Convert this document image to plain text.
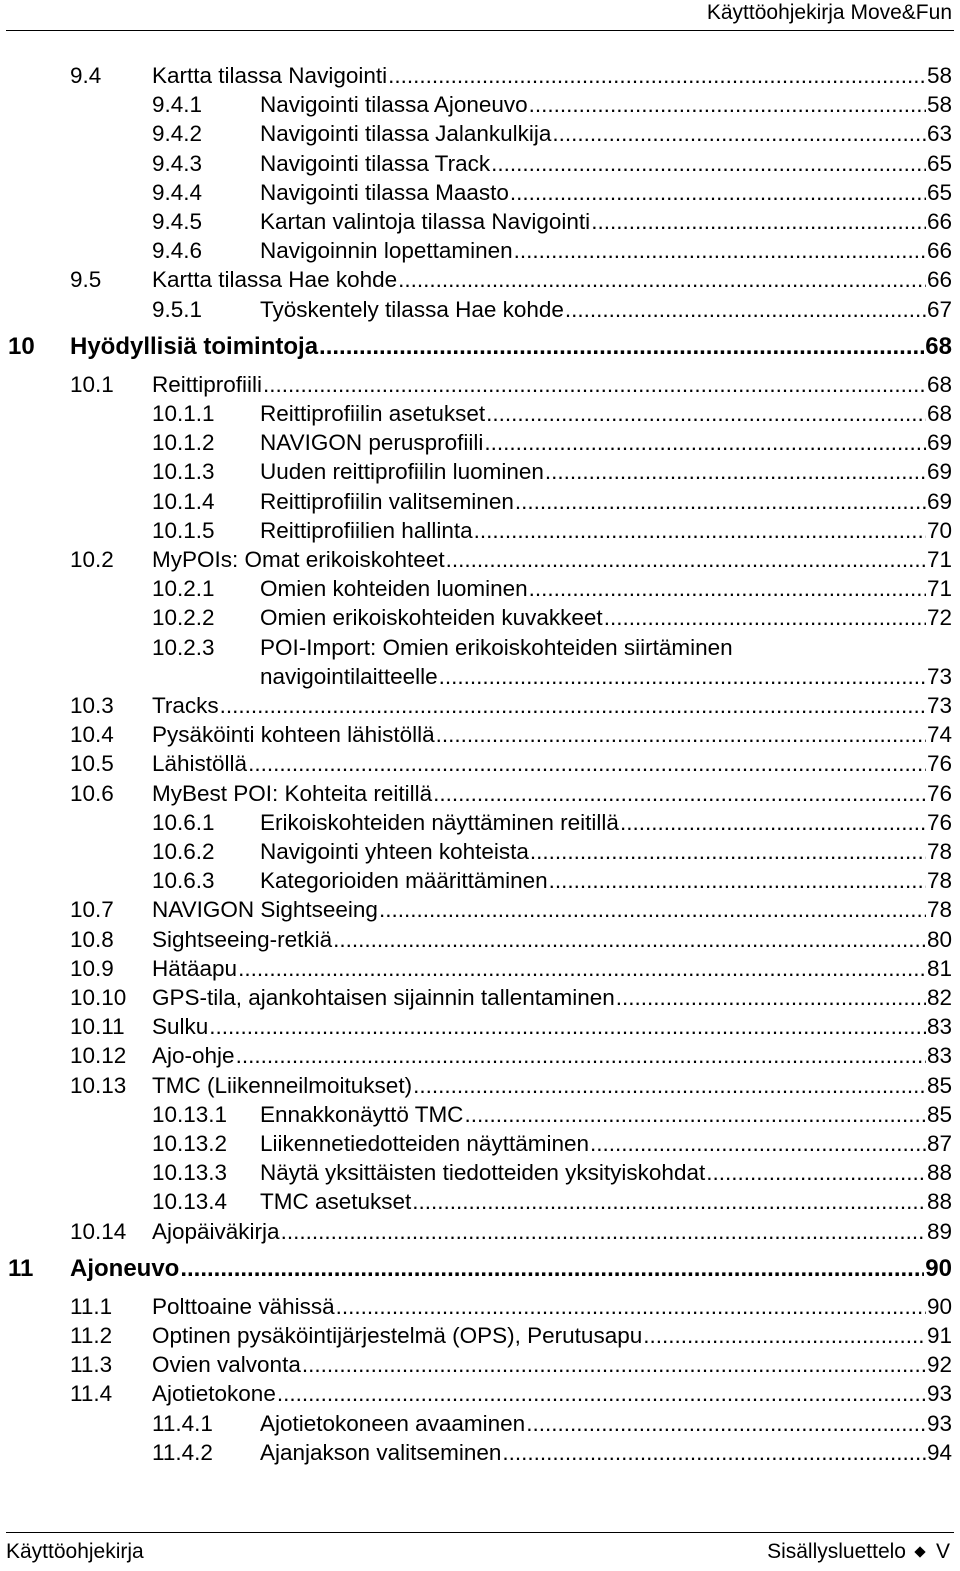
Käyttöohjekirja Move&Fun
9.4 Kartta tilassa Navigointi .....	58
9.4.1	Navigointi tilassa Ajoneuvo .....	58
9.4.2	Navigointi tilassa Jalankulkija .....	63
9.4.3	Navigointi tilassa Track .....	65
9.4.4	Navigointi tilassa Maasto .....	65
9.4.5	Kartan valintoja tilassa Navigointi .....	66
9.4.6	Navigoinnin lopettaminen .....	66
9.5 Kartta tilassa Hae kohde .....	66
9.5.1	Työskentely tilassa Hae kohde .....	67
10 Hyödyllisiä toimintoja .....	68
10.1 Reittiprofiili .....	68
10.1.1 Reittiprofiilin asetukset .....	68
10.1.2 NAVIGON perusprofiili .....	69
10.1.3 Uuden reittiprofiilin luominen .....	69
10.1.4 Reittiprofiilin valitseminen .....	69
10.1.5 Reittiprofiilien hallinta .....	70
10.2 MyPOIs: Omat erikoiskohteet .....	71
10.2.1 Omien kohteiden luominen .....	71
10.2.2 Omien erikoiskohteiden kuvakkeet .....	72
10.2.3 POI-Import: Omien erikoiskohteiden siirtäminen
navigointilaitteelle .....	73
10.3 Tracks .....	73
10.4 Pysäköinti kohteen lähistöllä .....	74
10.5 Lähistöllä .....	76
10.6 MyBest POI: Kohteita reitillä .....	76
10.6.1 Erikoiskohteiden näyttäminen reitillä .....	76
10.6.2 Navigointi yhteen kohteista .....	78
10.6.3 Kategorioiden määrittäminen .....	78
10.7 NAVIGON Sightseeing .....	78
10.8 Sightseeing-retkiä .....	80
10.9 Hätäapu .....	81
10.10 GPS-tila, ajankohtaisen sijainnin tallentaminen .....	82
10.11 Sulku .....	83
10.12 Ajo-ohje .....	83
10.13 TMC (Liikenneilmoitukset) .....	85
10.13.1 Ennakkonäyttö TMC .....	85
10.13.2 Liikennetiedotteiden näyttäminen .....	87
10.13.3 Näytä yksittäisten tiedotteiden yksityiskohdat .....	88
10.13.4 TMC asetukset .....	88
10.14 Ajopäiväkirja .....	89
11 Ajoneuvo .....	90
11.1 Polttoaine vähissä .....	90
11.2 Optinen pysäköintijärjestelmä (OPS), Perutusapu .....	91
11.3 Ovien valvonta .....	92
11.4 Ajotietokone .....	93
11.4.1 Ajotietokoneen avaaminen .....	93
11.4.2 Ajanjakson valitseminen .....	94
Käyttöohjekirja	Sisällysluettelo V
